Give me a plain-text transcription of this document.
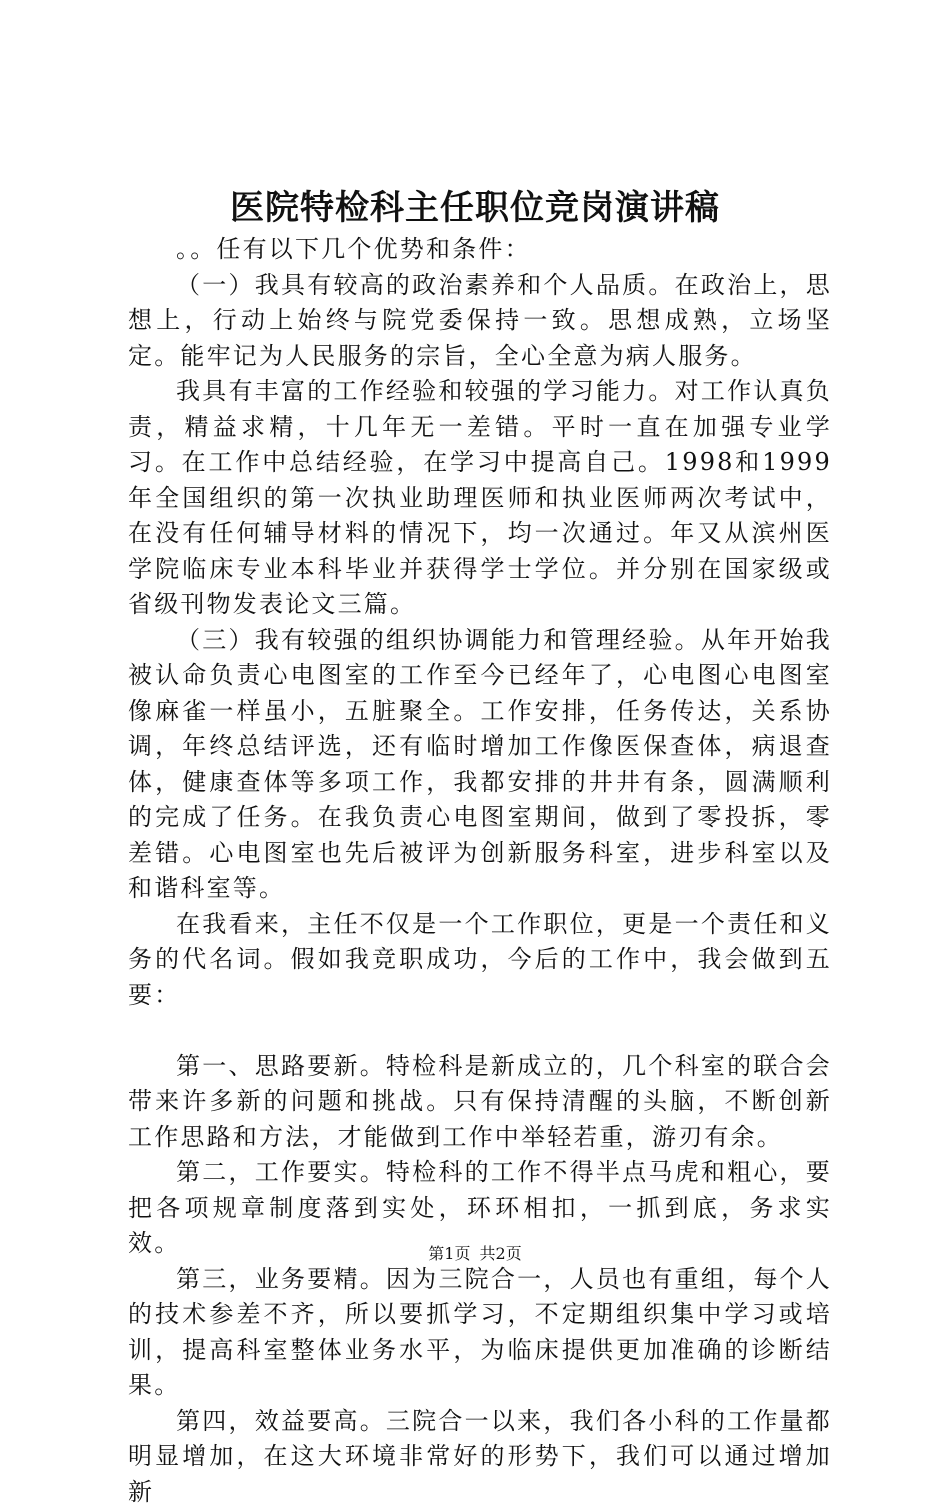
医院特检科主任职位竞岗演讲稿

。。任有以下几个优势和条件：

（一）我具有较高的政治素养和个人品质。在政治上，思想上，行动上始终与院党委保持一致。思想成熟，立场坚定。能牢记为人民服务的宗旨，全心全意为病人服务。

我具有丰富的工作经验和较强的学习能力。对工作认真负责，精益求精，十几年无一差错。平时一直在加强专业学习。在工作中总结经验，在学习中提高自己。1998和1999年全国组织的第一次执业助理医师和执业医师两次考试中，在没有任何辅导材料的情况下，均一次通过。年又从滨州医学院临床专业本科毕业并获得学士学位。并分别在国家级或省级刊物发表论文三篇。

（三）我有较强的组织协调能力和管理经验。从年开始我被认命负责心电图室的工作至今已经年了，心电图心电图室像麻雀一样虽小，五脏聚全。工作安排，任务传达，关系协调，年终总结评选，还有临时增加工作像医保查体，病退查体，健康查体等多项工作，我都安排的井井有条，圆满顺利的完成了任务。在我负责心电图室期间，做到了零投拆，零差错。心电图室也先后被评为创新服务科室，进步科室以及和谐科室等。

在我看来，主任不仅是一个工作职位，更是一个责任和义务的代名词。假如我竞职成功，今后的工作中，我会做到五要：

第一、思路要新。特检科是新成立的，几个科室的联合会带来许多新的问题和挑战。只有保持清醒的头脑，不断创新工作思路和方法，才能做到工作中举轻若重，游刃有余。

第二，工作要实。特检科的工作不得半点马虎和粗心，要把各项规章制度落到实处，环环相扣，一抓到底，务求实效。

第三，业务要精。因为三院合一，人员也有重组，每个人的技术参差不齐，所以要抓学习，不定期组织集中学习或培训，提高科室整体业务水平，为临床提供更加准确的诊断结果。

第四，效益要高。三院合一以来，我们各小科的工作量都明显增加，在这大环境非常好的形势下，我们可以通过增加新

第1页 共2页
